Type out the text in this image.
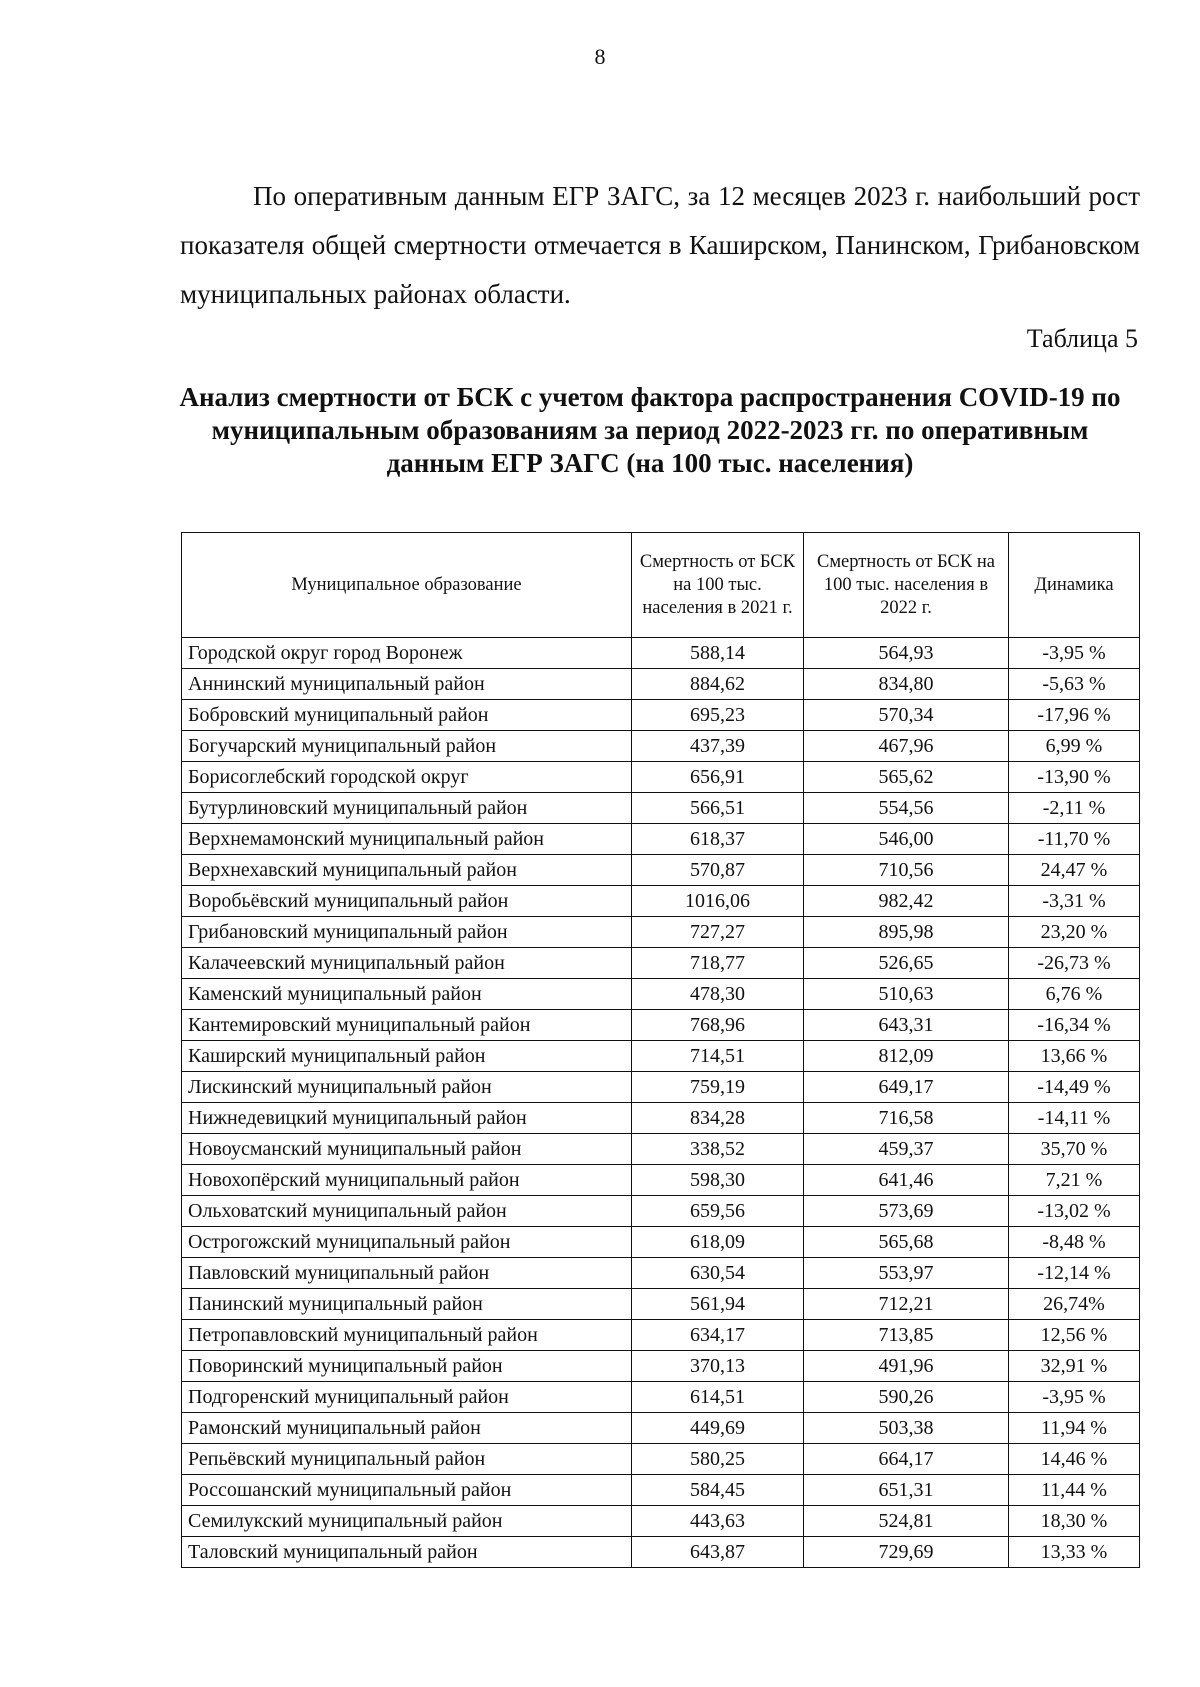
8

По оперативным данным ЕГР ЗАГС, за 12 месяцев 2023 г. наибольший рост показателя общей смертности отмечается в Каширском, Панинском, Грибановском муниципальных районах области.

Таблица 5
Анализ смертности от БСК с учетом фактора распространения COVID-19 по муниципальным образованиям за период 2022-2023 гг. по оперативным данным ЕГР ЗАГС (на 100 тыс. населения)
Муниципальное образование	Смертность от БСК на 100 тыс. населения в 2021 г.	Смертность от БСК на 100 тыс. населения в 2022 г.	Динамика
Городской округ город Воронеж	588,14	564,93	-3,95 %
Аннинский муниципальный район	884,62	834,80	-5,63 %
Бобровский муниципальный район	695,23	570,34	-17,96 %
Богучарский муниципальный район	437,39	467,96	6,99 %
Борисоглебский городской округ	656,91	565,62	-13,90 %
Бутурлиновский муниципальный район	566,51	554,56	-2,11 %
Верхнемамонский муниципальный район	618,37	546,00	-11,70 %
Верхнехавский муниципальный район	570,87	710,56	24,47 %
Воробьёвский муниципальный район	1016,06	982,42	-3,31 %
Грибановский муниципальный район	727,27	895,98	23,20 %
Калачеевский муниципальный район	718,77	526,65	-26,73 %
Каменский муниципальный район	478,30	510,63	6,76 %
Кантемировский муниципальный район	768,96	643,31	-16,34 %
Каширский муниципальный район	714,51	812,09	13,66 %
Лискинский муниципальный район	759,19	649,17	-14,49 %
Нижнедевицкий муниципальный район	834,28	716,58	-14,11 %
Новоусманский муниципальный район	338,52	459,37	35,70 %
Новохопёрский муниципальный район	598,30	641,46	7,21 %
Ольховатский муниципальный район	659,56	573,69	-13,02 %
Острогожский муниципальный район	618,09	565,68	-8,48 %
Павловский муниципальный район	630,54	553,97	-12,14 %
Панинский муниципальный район	561,94	712,21	26,74%
Петропавловский муниципальный район	634,17	713,85	12,56 %
Поворинский муниципальный район	370,13	491,96	32,91 %
Подгоренский муниципальный район	614,51	590,26	-3,95 %
Рамонский муниципальный район	449,69	503,38	11,94 %
Репьёвский муниципальный район	580,25	664,17	14,46 %
Россошанский муниципальный район	584,45	651,31	11,44 %
Семилукский муниципальный район	443,63	524,81	18,30 %
Таловский муниципальный район	643,87	729,69	13,33 %
